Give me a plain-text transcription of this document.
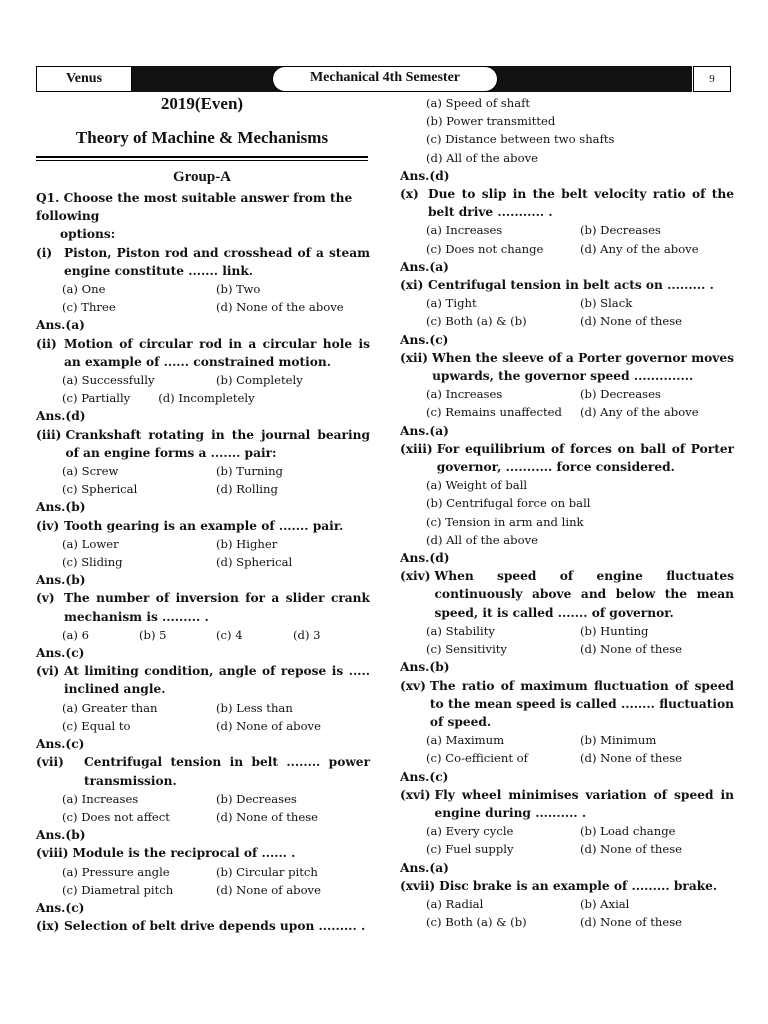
Venus	Mechanical 4th Semester	9
2019(Even)
Theory of Machine & Mechanisms
Group-A
Q1. Choose the most suitable answer from the following
options:
(i) Piston, Piston rod and crosshead of a steam engine constitute ....... link.
(a) One	(b) Two
(c) Three	(d) None of the above
Ans.(a)
(ii) Motion of circular rod in a circular hole is an example of ...... constrained motion.
(a) Successfully	(b) Completely
(c) Partially (d) Incompletely
Ans.(d)
(iii) Crankshaft rotating in the journal bearing of an engine forms a ....... pair:
(a) Screw	(b) Turning
(c) Spherical	(d) Rolling
Ans.(b)
(iv) Tooth gearing is an example of ....... pair.
(a) Lower	(b) Higher
(c) Sliding	(d) Spherical
Ans.(b)
(v) The number of inversion for a slider crank mechanism is ......... .
(a) 6	(b) 5	(c) 4	(d) 3
Ans.(c)
(vi) At limiting condition, angle of repose is ..... inclined angle.
(a) Greater than	(b) Less than
(c) Equal to	(d) None of above
Ans.(c)
(vii)	Centrifugal tension in belt ........ power transmission.
(a) Increases	(b) Decreases
(c) Does not affect	(d) None of these
Ans.(b)
(viii) Module is the reciprocal of ...... .
(a) Pressure angle	(b) Circular pitch
(c) Diametral pitch	(d) None of above
Ans.(c)
(ix) Selection of belt drive depends upon ......... .
(a) Speed of shaft
(b) Power transmitted
(c) Distance between two shafts
(d) All of the above
Ans.(d)
(x) Due to slip in the belt velocity ratio of the belt drive ........... .
(a) Increases	(b) Decreases
(c) Does not change	(d) Any of the above
Ans.(a)
(xi) Centrifugal tension in belt acts on ......... .
(a) Tight	(b) Slack
(c) Both (a) & (b)	(d) None of these
Ans.(c)
(xii) When the sleeve of a Porter governor moves upwards, the governor speed ..............
(a) Increases	(b) Decreases
(c) Remains unaffected	(d) Any of the above
Ans.(a)
(xiii) For equilibrium of forces on ball of Porter governor, ........... force considered.
(a) Weight of ball
(b) Centrifugal force on ball
(c) Tension in arm and link
(d) All of the above
Ans.(d)
(xiv) When speed of engine fluctuates continuously above and below the mean speed, it is called ....... of governor.
(a) Stability	(b) Hunting
(c) Sensitivity	(d) None of these
Ans.(b)
(xv) The ratio of maximum fluctuation of speed to the mean speed is called ........ fluctuation of speed.
(a) Maximum	(b) Minimum
(c) Co-efficient of	(d) None of these
Ans.(c)
(xvi) Fly wheel minimises variation of speed in engine during .......... .
(a) Every cycle	(b) Load change
(c) Fuel supply	(d) None of these
Ans.(a)
(xvii) Disc brake is an example of ......... brake.
(a) Radial	(b) Axial
(c) Both (a) & (b)	(d) None of these
